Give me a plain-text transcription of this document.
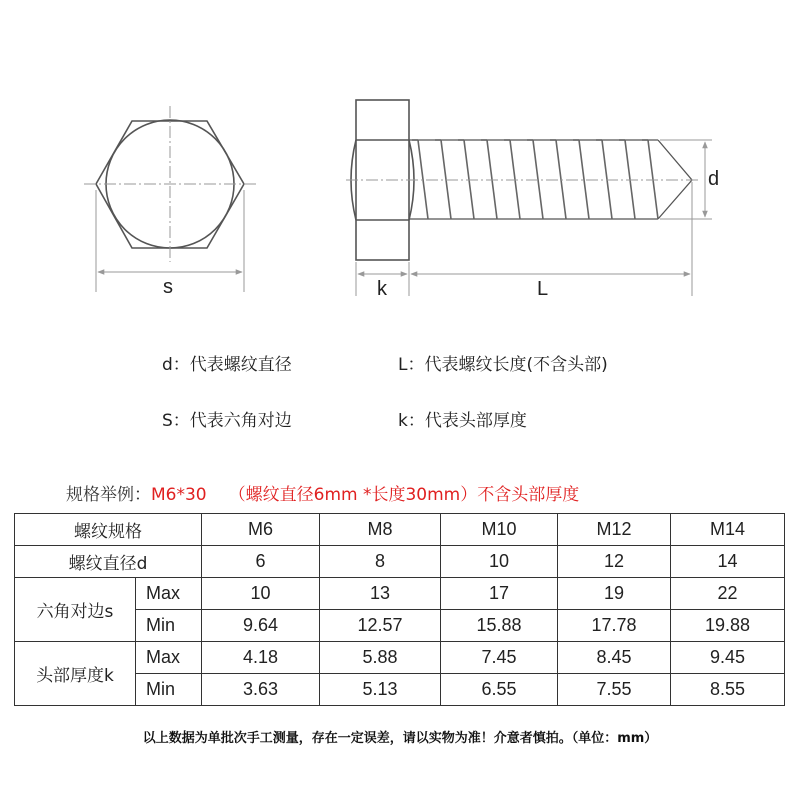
s	k	L
d
d：代表螺纹直径	L：代表螺纹长度(不含头部)
S：代表六角对边	k：代表头部厚度
规格举例：M6*30 （螺纹直径6mm *长度30mm）不含头部厚度
螺纹规格		M6	M8	M10	M12	M14
螺纹直径d		6	8	10	12	14
六角对边s	Max	10	13	17	19	22
	Min	9.64	12.57	15.88	17.78	19.88
头部厚度k	Max	4.18	5.88	7.45	8.45	9.45
	Min	3.63	5.13	6.55	7.55	8.55
以上数据为单批次手工测量，存在一定误差，请以实物为准！介意者慎拍。（单位：mm）
